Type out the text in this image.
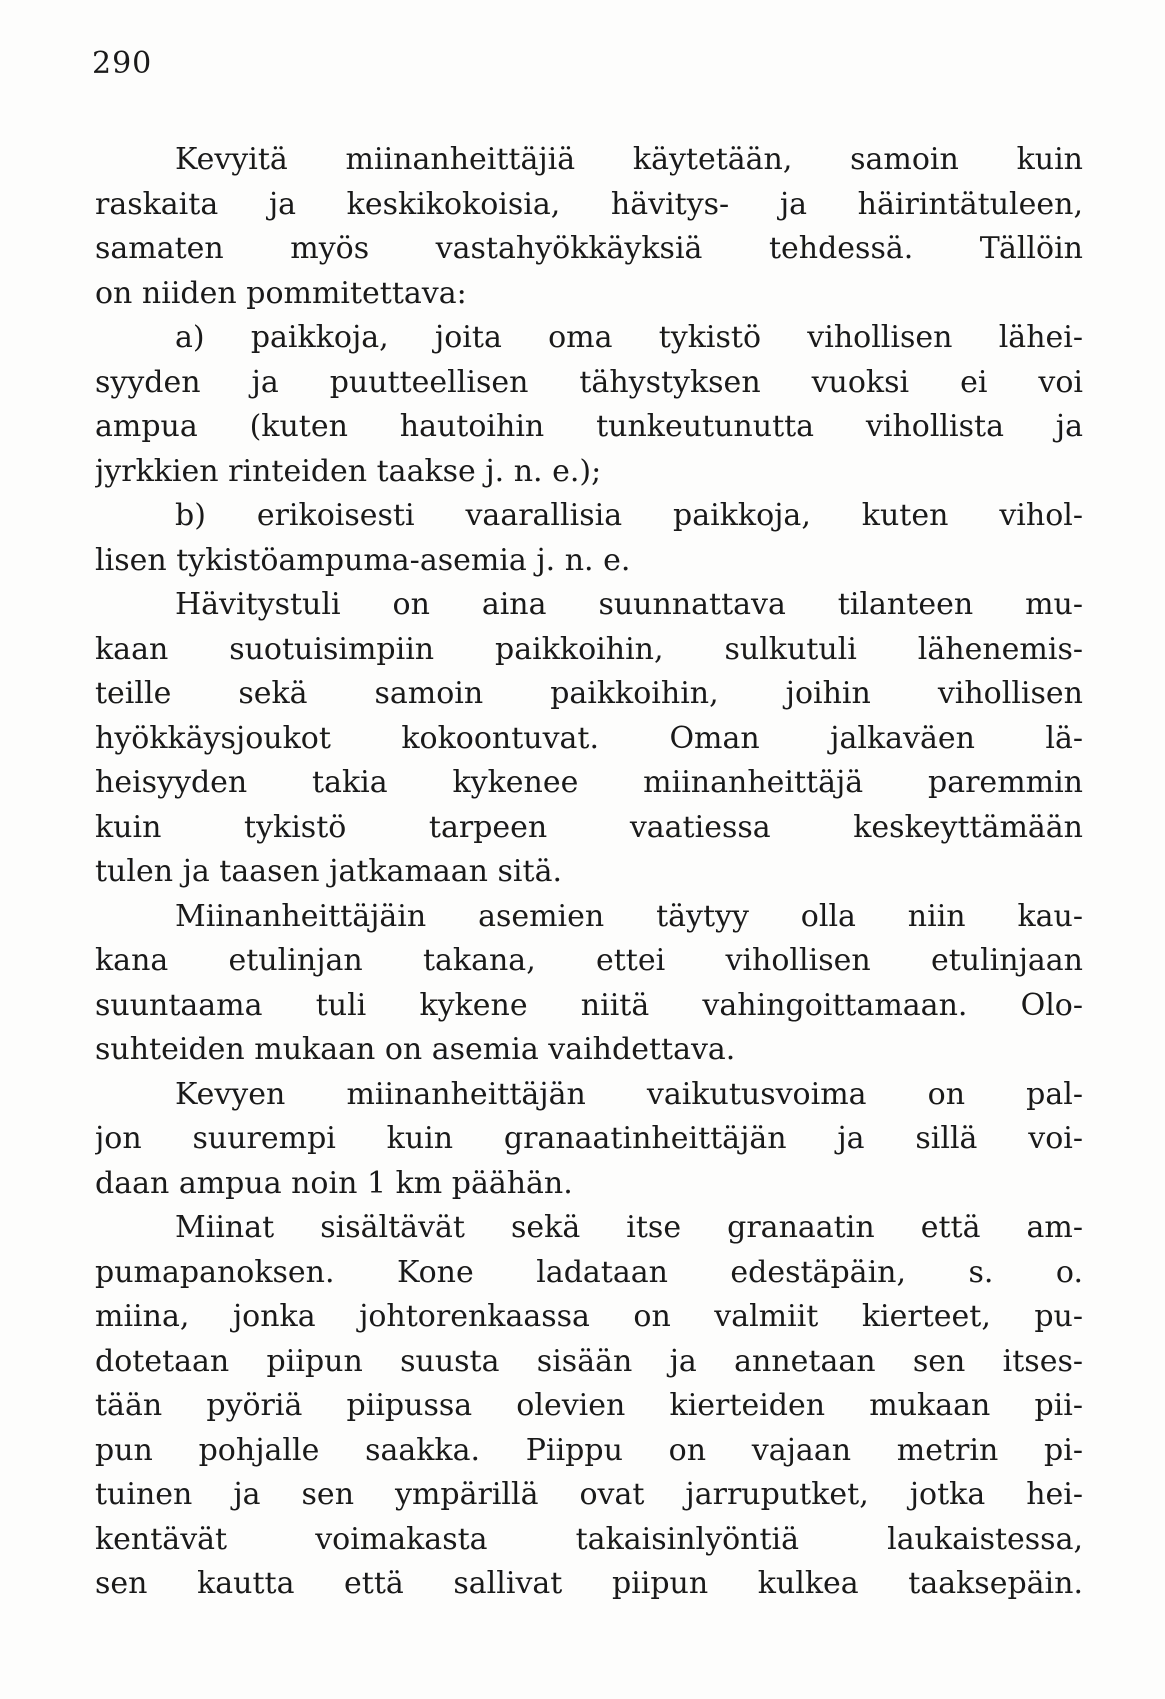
290
Kevyitä miinanheittäjiä käytetään, samoin kuin
raskaita ja keskikokoisia, hävitys- ja häirintätuleen,
samaten myös vastahyökkäyksiä tehdessä. Tällöin
on niiden pommitettava:
a) paikkoja, joita oma tykistö vihollisen lähei-
syyden ja puutteellisen tähystyksen vuoksi ei voi
ampua (kuten hautoihin tunkeutunutta vihollista ja
jyrkkien rinteiden taakse j. n. e.);
b) erikoisesti vaarallisia paikkoja, kuten vihol-
lisen tykistöampuma-asemia j. n. e.
Hävitystuli on aina suunnattava tilanteen mu-
kaan suotuisimpiin paikkoihin, sulkutuli lähenemis-
teille sekä samoin paikkoihin, joihin vihollisen
hyökkäysjoukot kokoontuvat. Oman jalkaväen lä-
heisyyden takia kykenee miinanheittäjä paremmin
kuin tykistö tarpeen vaatiessa keskeyttämään
tulen ja taasen jatkamaan sitä.
Miinanheittäjäin asemien täytyy olla niin kau-
kana etulinjan takana, ettei vihollisen etulinjaan
suuntaama tuli kykene niitä vahingoittamaan. Olo-
suhteiden mukaan on asemia vaihdettava.
Kevyen miinanheittäjän vaikutusvoima on pal-
jon suurempi kuin granaatinheittäjän ja sillä voi-
daan ampua noin 1 km päähän.
Miinat sisältävät sekä itse granaatin että am-
pumapanoksen. Kone ladataan edestäpäin, s. o.
miina, jonka johtorenkaassa on valmiit kierteet, pu-
dotetaan piipun suusta sisään ja annetaan sen itses-
tään pyöriä piipussa olevien kierteiden mukaan pii-
pun pohjalle saakka. Piippu on vajaan metrin pi-
tuinen ja sen ympärillä ovat jarruputket, jotka hei-
kentävät voimakasta takaisinlyöntiä laukaistessa,
sen kautta että sallivat piipun kulkea taaksepäin.
